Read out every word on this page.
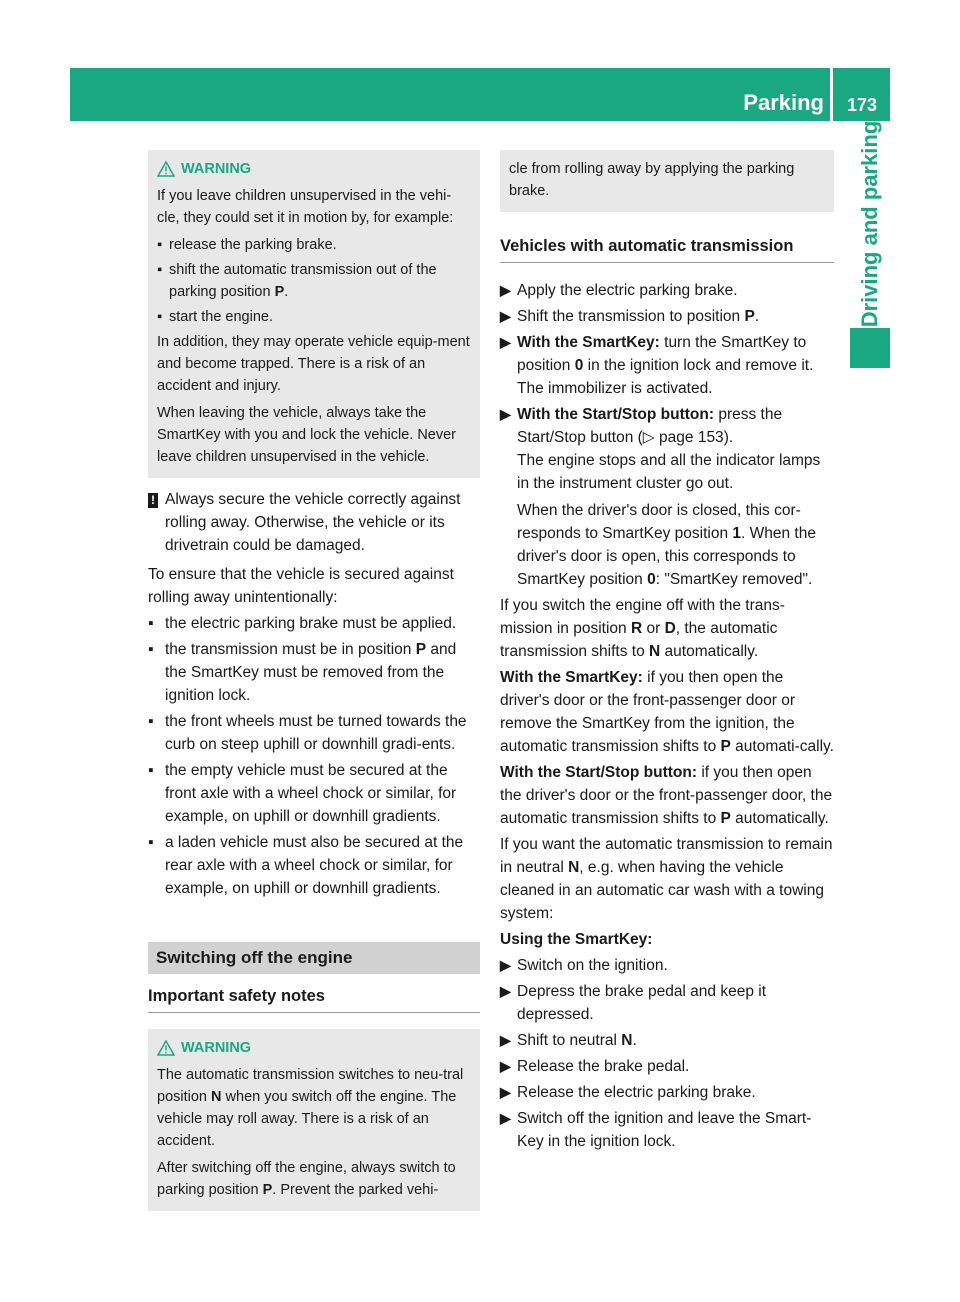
Parking	173
Driving and parking
WARNING

If you leave children unsupervised in the vehi-cle, they could set it in motion by, for example:

▪ release the parking brake.
▪ shift the automatic transmission out of the parking position P.
▪ start the engine.

In addition, they may operate vehicle equip-ment and become trapped. There is a risk of an accident and injury.

When leaving the vehicle, always take the SmartKey with you and lock the vehicle. Never leave children unsupervised in the vehicle.

! Always secure the vehicle correctly against rolling away. Otherwise, the vehicle or its drivetrain could be damaged.

To ensure that the vehicle is secured against rolling away unintentionally:

▪ the electric parking brake must be applied.
▪ the transmission must be in position P and the SmartKey must be removed from the ignition lock.
▪ the front wheels must be turned towards the curb on steep uphill or downhill gradi-ents.
▪ the empty vehicle must be secured at the front axle with a wheel chock or similar, for example, on uphill or downhill gradients.
▪ a laden vehicle must also be secured at the rear axle with a wheel chock or similar, for example, on uphill or downhill gradients.
Switching off the engine
Important safety notes
WARNING

The automatic transmission switches to neu-tral position N when you switch off the engine. The vehicle may roll away. There is a risk of an accident.

After switching off the engine, always switch to parking position P. Prevent the parked vehi-

cle from rolling away by applying the parking brake.

Vehicles with automatic transmission
▶ Apply the electric parking brake.
▶ Shift the transmission to position P.
▶ With the SmartKey: turn the SmartKey to position 0 in the ignition lock and remove it. The immobilizer is activated.
▶ With the Start/Stop button: press the Start/Stop button (▷ page 153).
The engine stops and all the indicator lamps in the instrument cluster go out.
When the driver's door is closed, this cor-responds to SmartKey position 1. When the driver's door is open, this corresponds to SmartKey position 0: "SmartKey removed".

If you switch the engine off with the trans-mission in position R or D, the automatic transmission shifts to N automatically.

With the SmartKey: if you then open the driver's door or the front-passenger door or remove the SmartKey from the ignition, the automatic transmission shifts to P automati-cally.

With the Start/Stop button: if you then open the driver's door or the front-passenger door, the automatic transmission shifts to P automatically.

If you want the automatic transmission to remain in neutral N, e.g. when having the vehicle cleaned in an automatic car wash with a towing system:

Using the SmartKey:

▶ Switch on the ignition.
▶ Depress the brake pedal and keep it depressed.
▶ Shift to neutral N.
▶ Release the brake pedal.
▶ Release the electric parking brake.
▶ Switch off the ignition and leave the Smart-Key in the ignition lock.
